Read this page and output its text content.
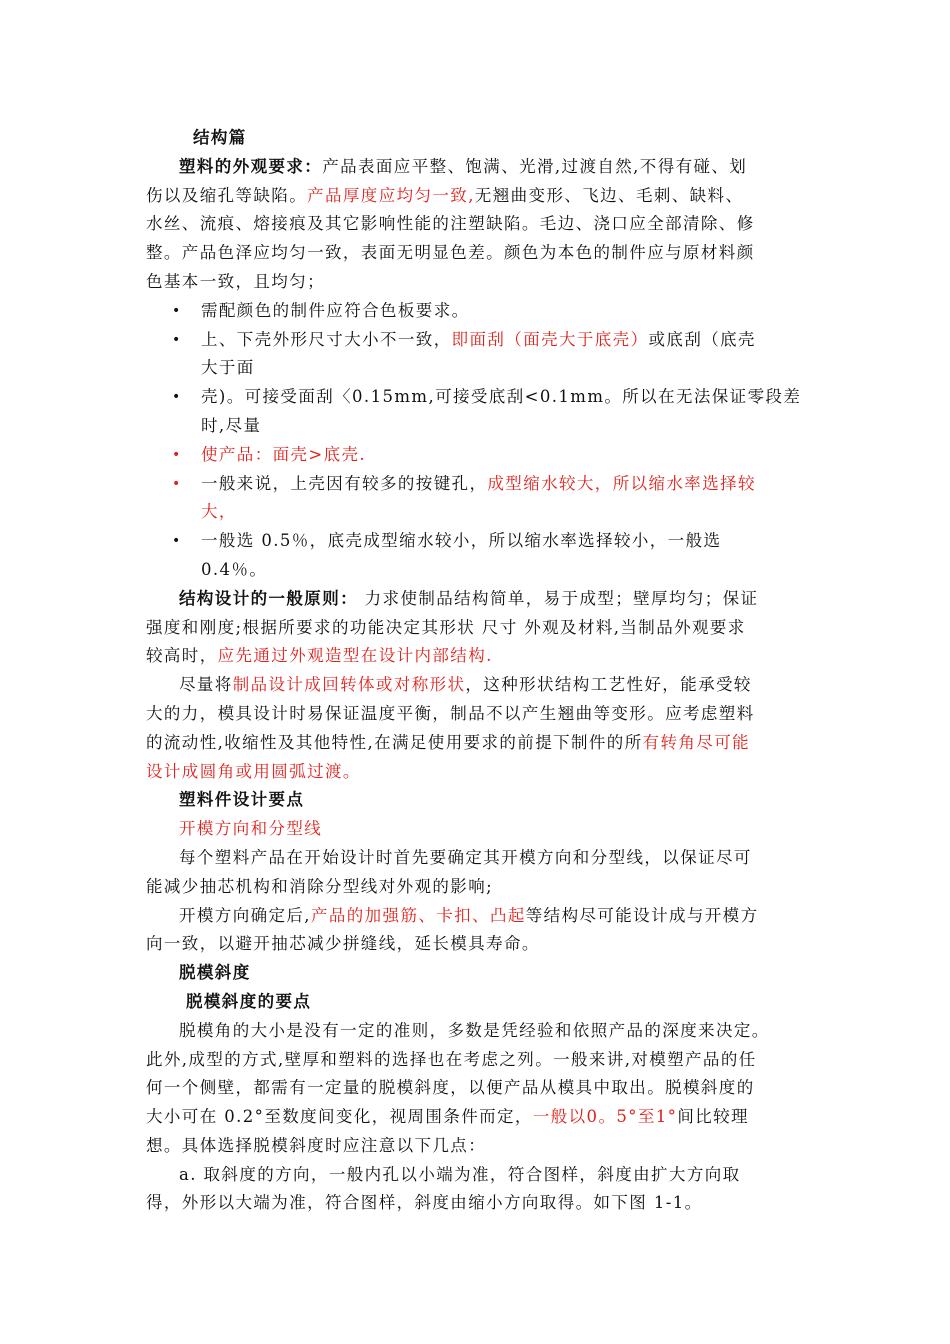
结构篇
塑料的外观要求：产品表面应平整、饱满、光滑,过渡自然,不得有碰、划
伤以及缩孔等缺陷。产品厚度应均匀一致,无翘曲变形、飞边、毛刺、缺料、
水丝、流痕、熔接痕及其它影响性能的注塑缺陷。毛边、浇口应全部清除、修
整。产品色泽应均匀一致，表面无明显色差。颜色为本色的制件应与原材料颜
色基本一致，且均匀；
• 需配颜色的制件应符合色板要求。
• 上、下壳外形尺寸大小不一致，即面刮（面壳大于底壳）或底刮（底壳
大于面
• 壳)。可接受面刮〈0.15mm,可接受底刮<0.1mm。所以在无法保证零段差
时,尽量
• 使产品：面壳>底壳.
• 一般来说，上壳因有较多的按键孔，成型缩水较大，所以缩水率选择较
大，
• 一般选 0.5％，底壳成型缩水较小，所以缩水率选择较小，一般选
0.4％。
结构设计的一般原则： 力求使制品结构简单，易于成型；壁厚均匀；保证
强度和刚度;根据所要求的功能决定其形状 尺寸 外观及材料,当制品外观要求
较高时，应先通过外观造型在设计内部结构.
尽量将制品设计成回转体或对称形状，这种形状结构工艺性好，能承受较
大的力，模具设计时易保证温度平衡，制品不以产生翘曲等变形。应考虑塑料
的流动性,收缩性及其他特性,在满足使用要求的前提下制件的所有转角尽可能
设计成圆角或用圆弧过渡。
塑料件设计要点
开模方向和分型线
每个塑料产品在开始设计时首先要确定其开模方向和分型线，以保证尽可
能减少抽芯机构和消除分型线对外观的影响;
开模方向确定后,产品的加强筋、卡扣、凸起等结构尽可能设计成与开模方
向一致，以避开抽芯减少拼缝线，延长模具寿命。
脱模斜度
脱模斜度的要点
脱模角的大小是没有一定的准则，多数是凭经验和依照产品的深度来决定。
此外,成型的方式,壁厚和塑料的选择也在考虑之列。一般来讲,对模塑产品的任
何一个侧壁，都需有一定量的脱模斜度，以便产品从模具中取出。脱模斜度的
大小可在 0.2°至数度间变化，视周围条件而定，一般以0。5°至1°间比较理
想。具体选择脱模斜度时应注意以下几点：
a. 取斜度的方向，一般内孔以小端为准，符合图样，斜度由扩大方向取
得，外形以大端为准，符合图样，斜度由缩小方向取得。如下图 1-1。
